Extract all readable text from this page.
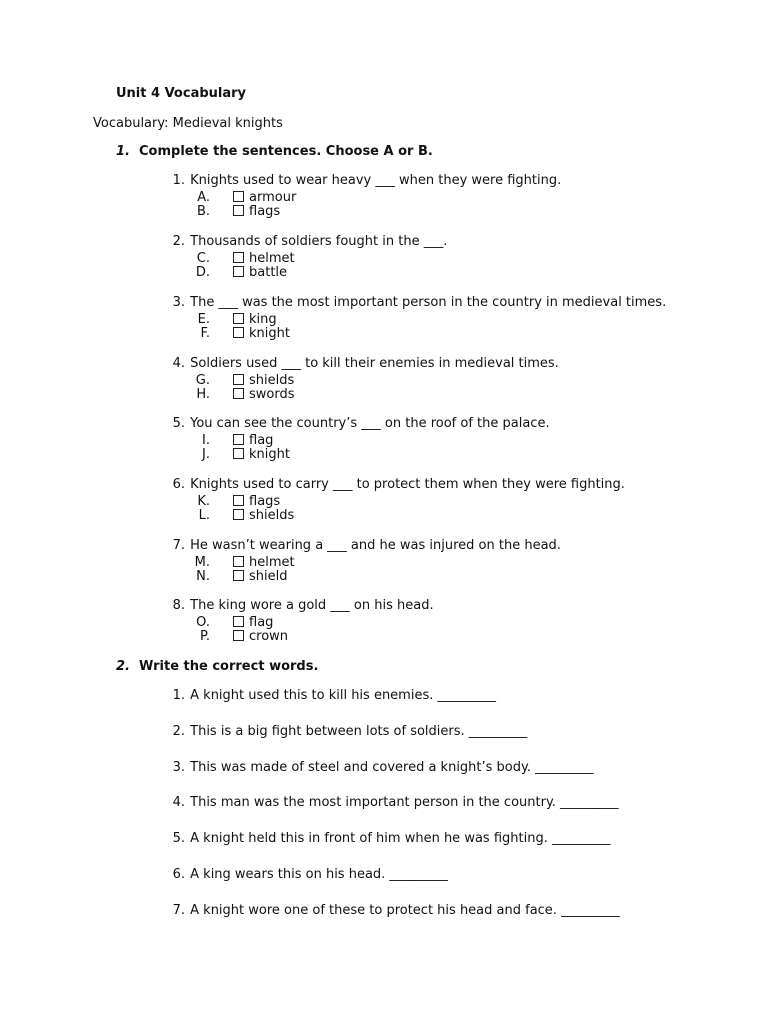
Unit 4 Vocabulary
Vocabulary: Medieval knights
1. Complete the sentences. Choose A or B.
1. Knights used to wear heavy ___ when they were fighting.
A.	armour
B.	flags
2. Thousands of soldiers fought in the ___.
C.	helmet
D.	battle
3. The ___ was the most important person in the country in medieval times.
E.	king
F.	knight
4. Soldiers used ___ to kill their enemies in medieval times.
G.	shields
H.	swords
5. You can see the country’s ___ on the roof of the palace.
I.	flag
J.	knight
6. Knights used to carry ___ to protect them when they were fighting.
K.	flags
L.	shields
7. He wasn’t wearing a ___ and he was injured on the head.
M.	helmet
N.	shield
8. The king wore a gold ___ on his head.
O.	flag
P.	crown
2. Write the correct words.
1. A knight used this to kill his enemies. _________
2. This is a big fight between lots of soldiers. _________
3. This was made of steel and covered a knight’s body. _________
4. This man was the most important person in the country. _________
5. A knight held this in front of him when he was fighting. _________
6. A king wears this on his head. _________
7. A knight wore one of these to protect his head and face. _________
